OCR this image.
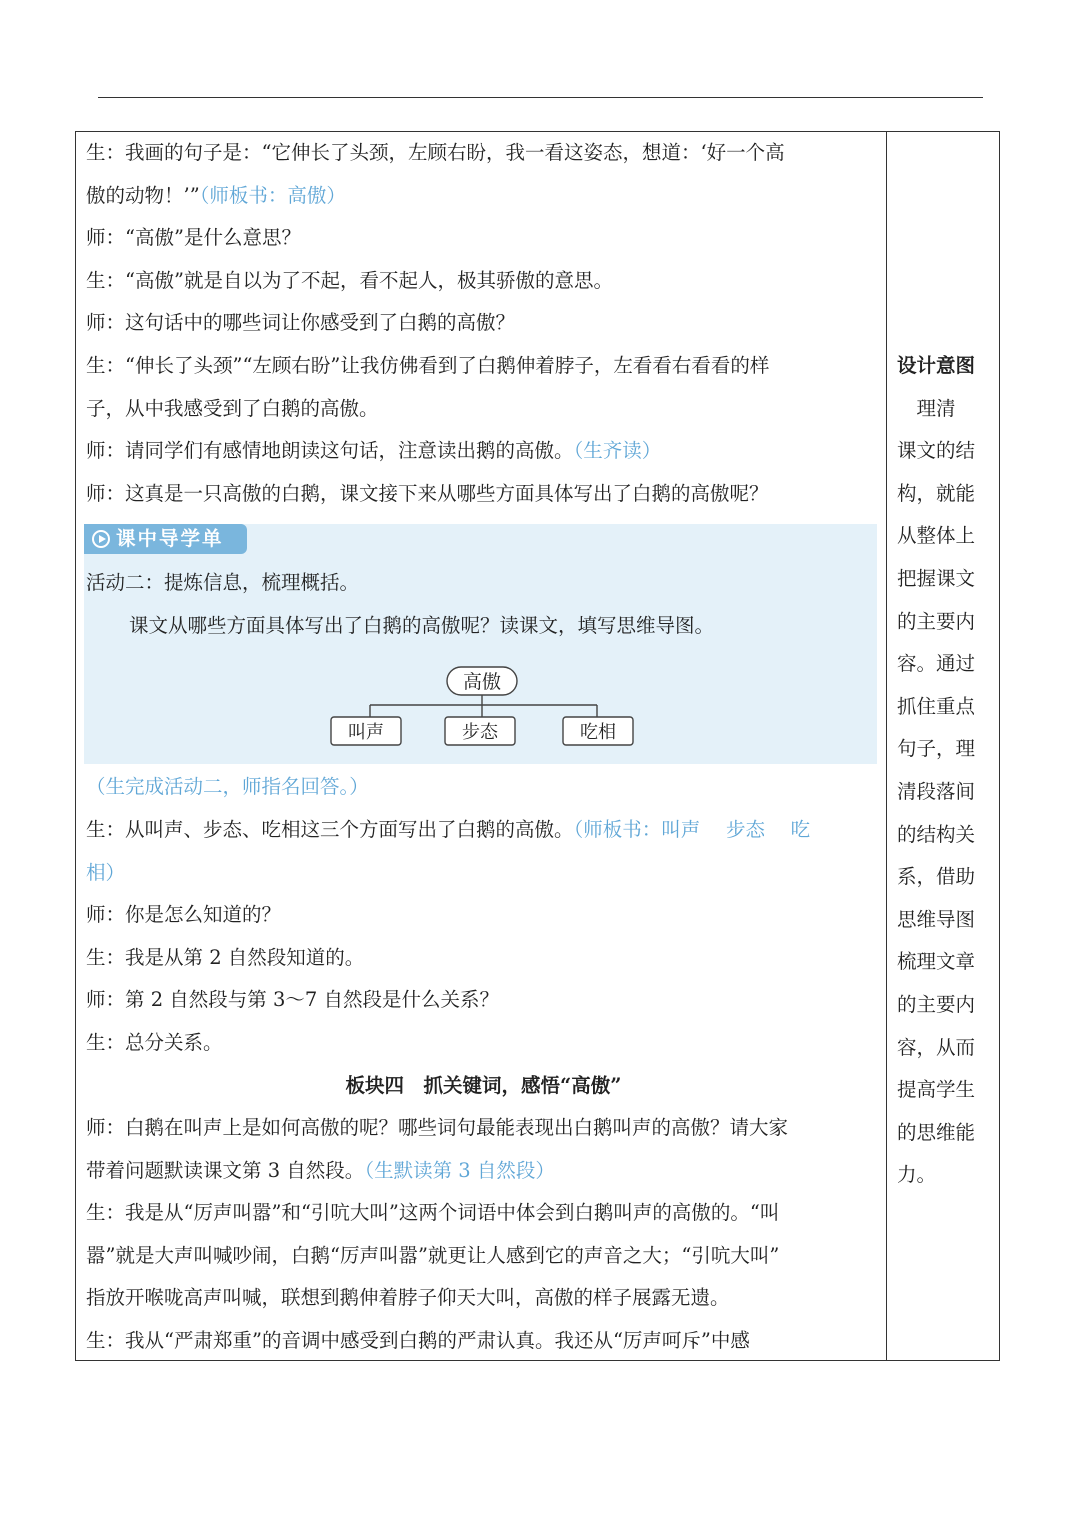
生：我画的句子是：“它伸长了头颈，左顾右盼，我一看这姿态，想道：‘好一个高
傲的动物！’”（师板书：高傲）
师：“高傲”是什么意思？
生：“高傲”就是自以为了不起，看不起人，极其骄傲的意思。
师：这句话中的哪些词让你感受到了白鹅的高傲？
生：“伸长了头颈”“左顾右盼”让我仿佛看到了白鹅伸着脖子，左看看右看看的样
子，从中我感受到了白鹅的高傲。
师：请同学们有感情地朗读这句话，注意读出鹅的高傲。（生齐读）
师：这真是一只高傲的白鹅，课文接下来从哪些方面具体写出了白鹅的高傲呢？
课中导学单
活动二：提炼信息，梳理概括。
课文从哪些方面具体写出了白鹅的高傲呢？读课文，填写思维导图。
高傲
叫声	步态	吃相
（生完成活动二，师指名回答。）
生：从叫声、步态、吃相这三个方面写出了白鹅的高傲。（师板书：叫声　 步态　 吃
相）
师：你是怎么知道的？
生：我是从第 2 自然段知道的。
师：第 2 自然段与第 3～7 自然段是什么关系？
生：总分关系。
板块四　抓关键词，感悟“高傲”
师：白鹅在叫声上是如何高傲的呢？哪些词句最能表现出白鹅叫声的高傲？请大家
带着问题默读课文第 3 自然段。（生默读第 3 自然段）
生：我是从“厉声叫嚣”和“引吭大叫”这两个词语中体会到白鹅叫声的高傲的。“叫
嚣”就是大声叫喊吵闹，白鹅“厉声叫嚣”就更让人感到它的声音之大；“引吭大叫”
指放开喉咙高声叫喊，联想到鹅伸着脖子仰天大叫，高傲的样子展露无遗。
生：我从“严肃郑重”的音调中感受到白鹅的严肃认真。我还从“厉声呵斥”中感
设计意图
　理清
课文的结
构，就能
从整体上
把握课文
的主要内
容。通过
抓住重点
句子，理
清段落间
的结构关
系，借助
思维导图
梳理文章
的主要内
容，从而
提高学生
的思维能
力。
